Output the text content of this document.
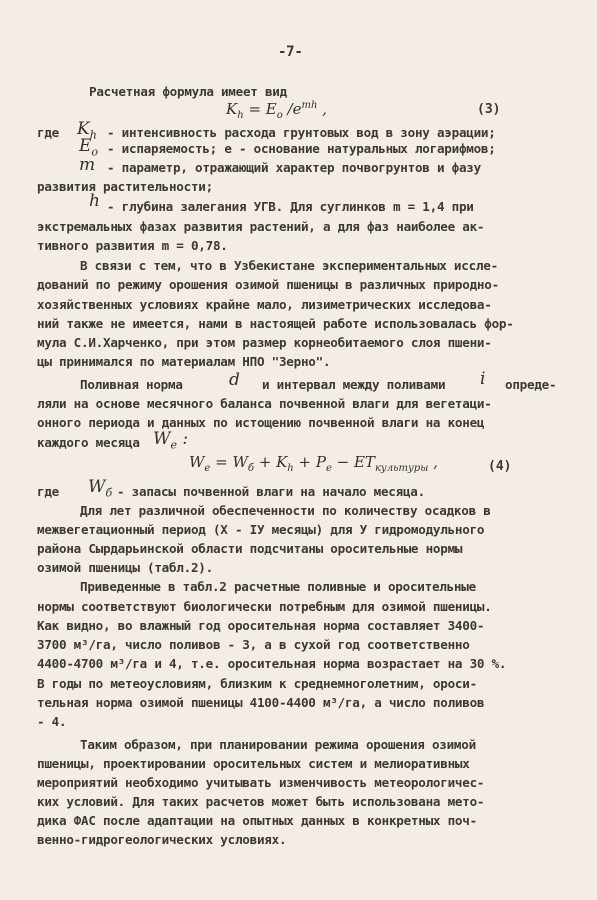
-7-
Расчетная формула имеет вид
$K_h = E_o$ $/e^{mh}$ ,	(3)
где $K_h$ - интенсивность расхода грунтовых вод в зону аэрации;
$E_o$ - испаряемость; е - основание натуральных логарифмов;
m - параметр, отражающий характер почвогрунтов и фазу
развития растительности;
h - глубина залегания УГВ. Для суглинков m = 1,4 при
экстремальных фазах развития растений, а для фаз наиболее ак-
тивного развития m = 0,78.
В связи с тем, что в Узбекистане экспериментальных иссле-
дований по режиму орошения озимой пшеницы в различных природно-
хозяйственных условиях крайне мало, лизиметрических исследова-
ний также не имеется, нами в настоящей работе использовалась фор-
мула С.И.Харченко, при этом размер корнеобитаемого слоя пшени-
цы принимался по материалам НПО "Зерно".
Поливная норма	d и интервал между поливами i опреде-
ляли на основе месячного баланса почвенной влаги для вегетаци-
онного периода и данных по истощению почвенной влаги на конец
каждого месяца $W_e$ :
$W_e = W_б + K_h + P_e - ET_{культуры}$ ,	(4)
где $W_б$ - запасы почвенной влаги на начало месяца.
Для лет различной обеспеченности по количеству осадков в
межвегетационный период (X - IУ месяцы) для У гидромодульного
района Сырдарьинской области подсчитаны оросительные нормы
озимой пшеницы (табл.2).
Приведенные в табл.2 расчетные поливные и оросительные
нормы соответствуют биологически потребным для озимой пшеницы.
Как видно, во влажный год оросительная норма составляет 3400-
3700 м³/га, число поливов - 3, а в сухой год соответственно
4400-4700 м³/га и 4, т.е. оросительная норма возрастает на 30 %.
В годы по метеоусловиям, близким к среднемноголетним, ороси-
тельная норма озимой пшеницы 4100-4400 м³/га, а число поливов
- 4.
Таким образом, при планировании режима орошения озимой
пшеницы, проектировании оросительных систем и мелиоративных
мероприятий необходимо учитывать изменчивость метеорологичес-
ких условий. Для таких расчетов может быть использована мето-
дика ФАС после адаптации на опытных данных в конкретных поч-
венно-гидрогеологических условиях.
